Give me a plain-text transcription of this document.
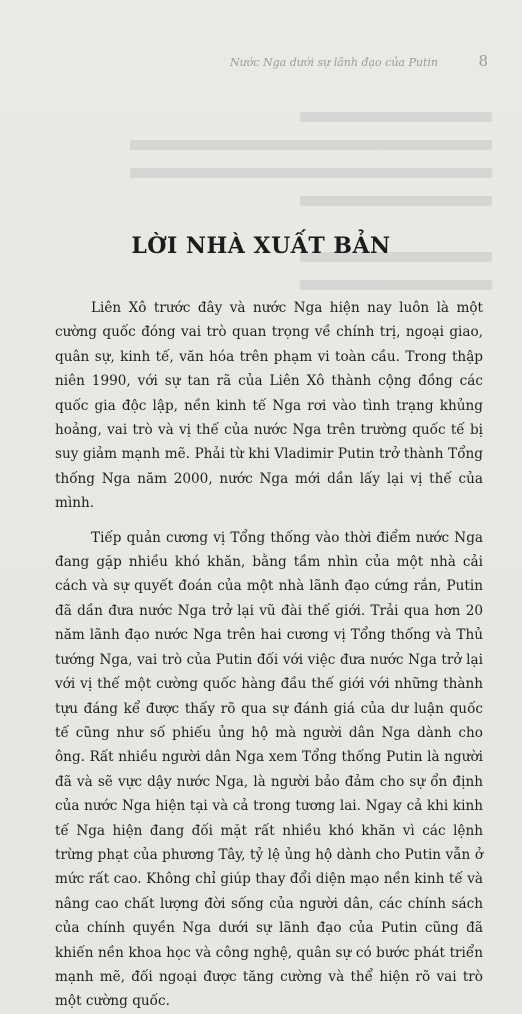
Nước Nga dưới sự lãnh đạo của Putin	8
LỜI NHÀ XUẤT BẢN

Liên Xô trước đây và nước Nga hiện nay luôn là một cường quốc đóng vai trò quan trọng về chính trị, ngoại giao, quân sự, kinh tế, văn hóa trên phạm vi toàn cầu. Trong thập niên 1990, với sự tan rã của Liên Xô thành cộng đồng các quốc gia độc lập, nền kinh tế Nga rơi vào tình trạng khủng hoảng, vai trò và vị thế của nước Nga trên trường quốc tế bị suy giảm mạnh mẽ. Phải từ khi Vladimir Putin trở thành Tổng thống Nga năm 2000, nước Nga mới dần lấy lại vị thế của mình.

Tiếp quản cương vị Tổng thống vào thời điểm nước Nga đang gặp nhiều khó khăn, bằng tầm nhìn của một nhà cải cách và sự quyết đoán của một nhà lãnh đạo cứng rắn, Putin đã dần đưa nước Nga trở lại vũ đài thế giới. Trải qua hơn 20 năm lãnh đạo nước Nga trên hai cương vị Tổng thống và Thủ tướng Nga, vai trò của Putin đối với việc đưa nước Nga trở lại với vị thế một cường quốc hàng đầu thế giới với những thành tựu đáng kể được thấy rõ qua sự đánh giá của dư luận quốc tế cũng như số phiếu ủng hộ mà người dân Nga dành cho ông. Rất nhiều người dân Nga xem Tổng thống Putin là người đã và sẽ vực dậy nước Nga, là người bảo đảm cho sự ổn định của nước Nga hiện tại và cả trong tương lai. Ngay cả khi kinh tế Nga hiện đang đối mặt rất nhiều khó khăn vì các lệnh trừng phạt của phương Tây, tỷ lệ ủng hộ dành cho Putin vẫn ở mức rất cao. Không chỉ giúp thay đổi diện mạo nền kinh tế và nâng cao chất lượng đời sống của người dân, các chính sách của chính quyền Nga dưới sự lãnh đạo của Putin cũng đã khiến nền khoa học và công nghệ, quân sự có bước phát triển mạnh mẽ, đối ngoại được tăng cường và thể hiện rõ vai trò một cường quốc.
